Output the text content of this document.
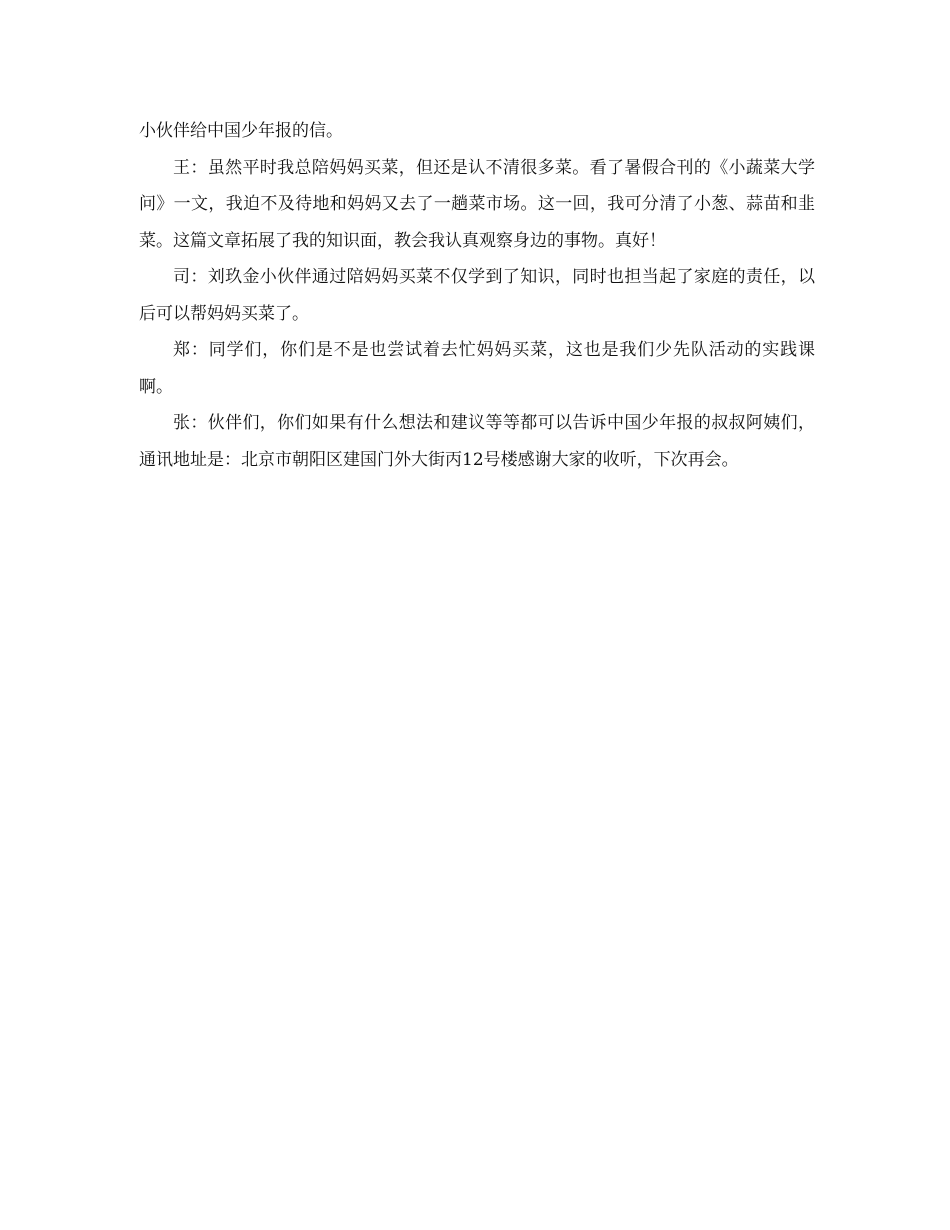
小伙伴给中国少年报的信。

王：虽然平时我总陪妈妈买菜，但还是认不清很多菜。看了暑假合刊的《小蔬菜大学问》一文，我迫不及待地和妈妈又去了一趟菜市场。这一回，我可分清了小葱、蒜苗和韭菜。这篇文章拓展了我的知识面，教会我认真观察身边的事物。真好！

司：刘玖金小伙伴通过陪妈妈买菜不仅学到了知识，同时也担当起了家庭的责任，以后可以帮妈妈买菜了。

郑：同学们，你们是不是也尝试着去忙妈妈买菜，这也是我们少先队活动的实践课啊。

张：伙伴们，你们如果有什么想法和建议等等都可以告诉中国少年报的叔叔阿姨们，通讯地址是：北京市朝阳区建国门外大街丙12号楼感谢大家的收听，下次再会。
